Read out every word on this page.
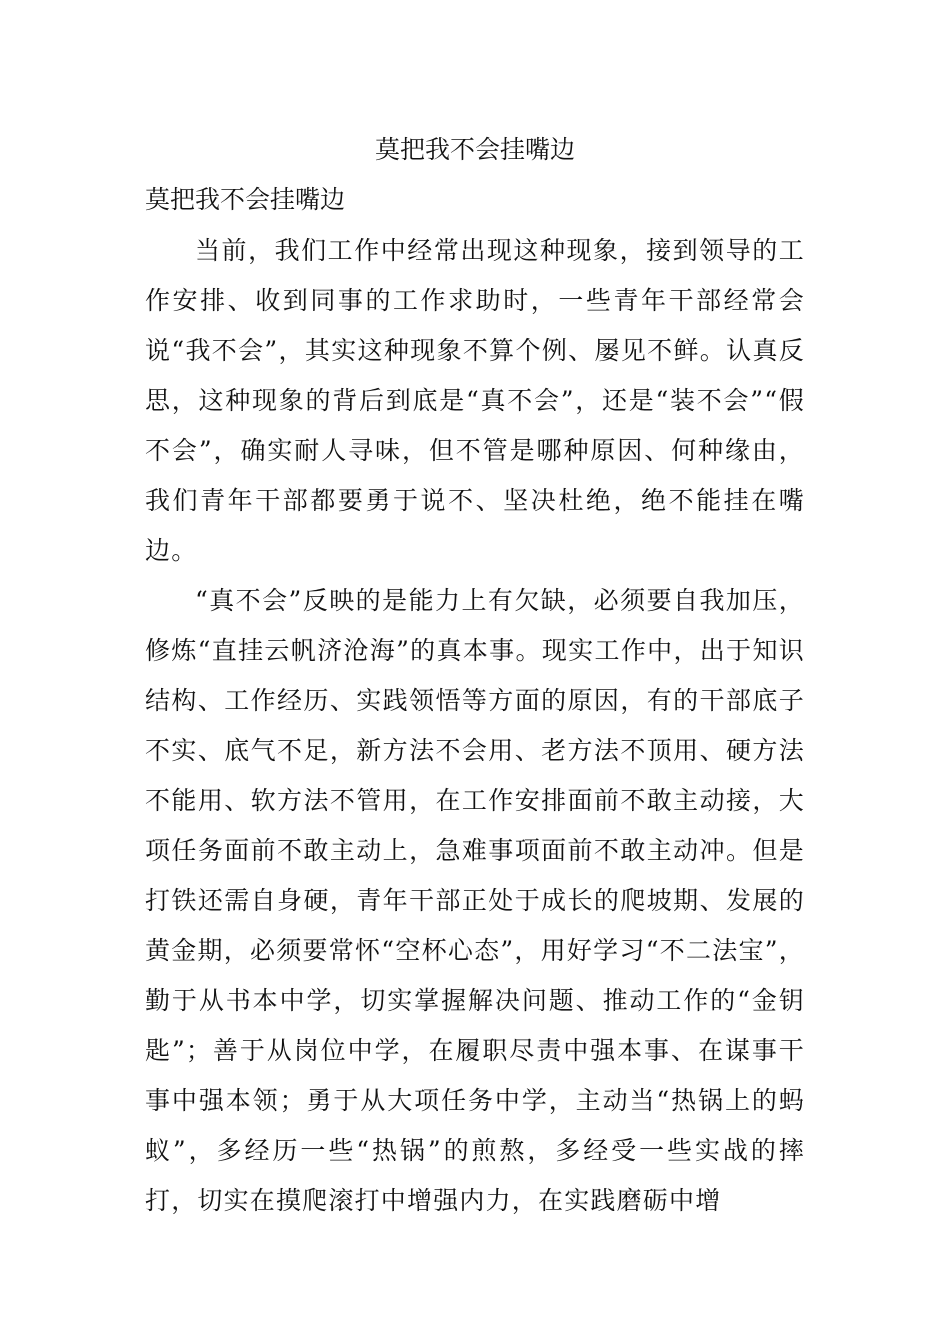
莫把我不会挂嘴边
莫把我不会挂嘴边

当前，我们工作中经常出现这种现象，接到领导的工作安排、收到同事的工作求助时，一些青年干部经常会说“我不会”，其实这种现象不算个例、屡见不鲜。认真反思，这种现象的背后到底是“真不会”，还是“装不会”“假不会”，确实耐人寻味，但不管是哪种原因、何种缘由，我们青年干部都要勇于说不、坚决杜绝，绝不能挂在嘴边。

“真不会”反映的是能力上有欠缺，必须要自我加压，修炼“直挂云帆济沧海”的真本事。现实工作中，出于知识结构、工作经历、实践领悟等方面的原因，有的干部底子不实、底气不足，新方法不会用、老方法不顶用、硬方法不能用、软方法不管用，在工作安排面前不敢主动接，大项任务面前不敢主动上，急难事项面前不敢主动冲。但是打铁还需自身硬，青年干部正处于成长的爬坡期、发展的黄金期，必须要常怀“空杯心态”，用好学习“不二法宝”，勤于从书本中学，切实掌握解决问题、推动工作的“金钥匙”；善于从岗位中学，在履职尽责中强本事、在谋事干事中强本领；勇于从大项任务中学，主动当“热锅上的蚂蚁”，多经历一些“热锅”的煎熬，多经受一些实战的摔打，切实在摸爬滚打中增强内力，在实践磨砺中增
